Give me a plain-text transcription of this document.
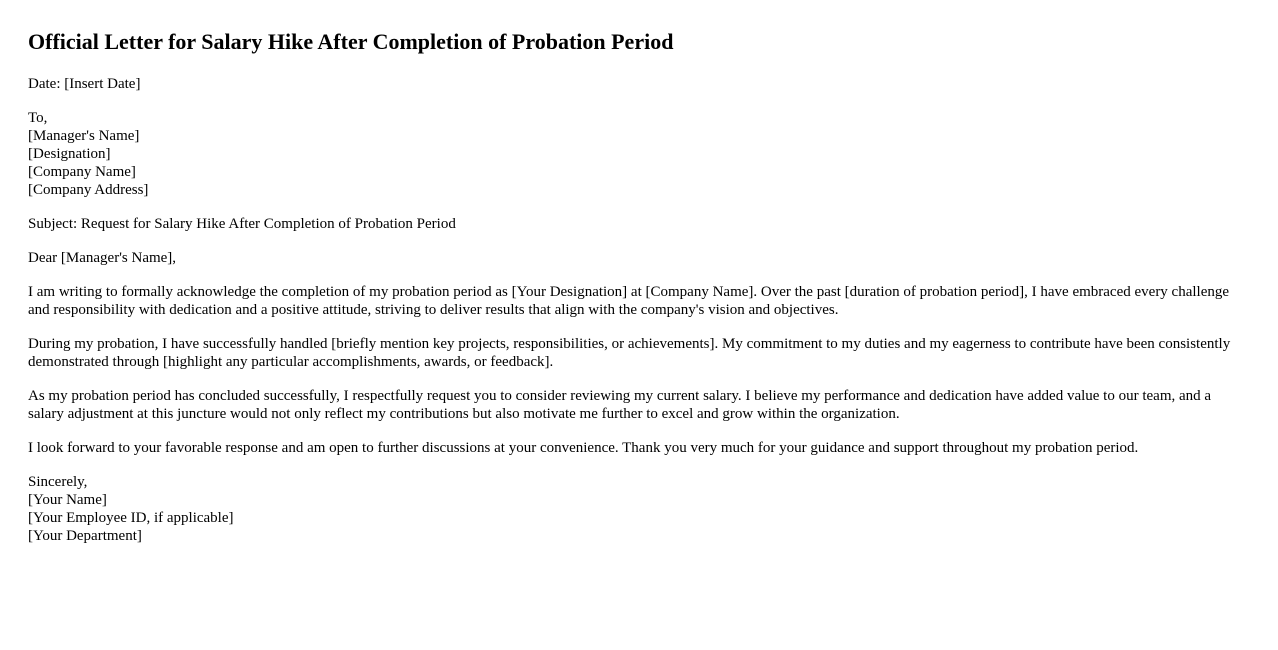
Official Letter for Salary Hike After Completion of Probation Period

Date: [Insert Date]

To,
[Manager's Name]
[Designation]
[Company Name]
[Company Address]

Subject: Request for Salary Hike After Completion of Probation Period

Dear [Manager's Name],

I am writing to formally acknowledge the completion of my probation period as [Your Designation] at [Company Name]. Over the past [duration of probation period], I have embraced every challenge and responsibility with dedication and a positive attitude, striving to deliver results that align with the company's vision and objectives.

During my probation, I have successfully handled [briefly mention key projects, responsibilities, or achievements]. My commitment to my duties and my eagerness to contribute have been consistently demonstrated through [highlight any particular accomplishments, awards, or feedback].

As my probation period has concluded successfully, I respectfully request you to consider reviewing my current salary. I believe my performance and dedication have added value to our team, and a salary adjustment at this juncture would not only reflect my contributions but also motivate me further to excel and grow within the organization.

I look forward to your favorable response and am open to further discussions at your convenience. Thank you very much for your guidance and support throughout my probation period.

Sincerely,
[Your Name]
[Your Employee ID, if applicable]
[Your Department]
